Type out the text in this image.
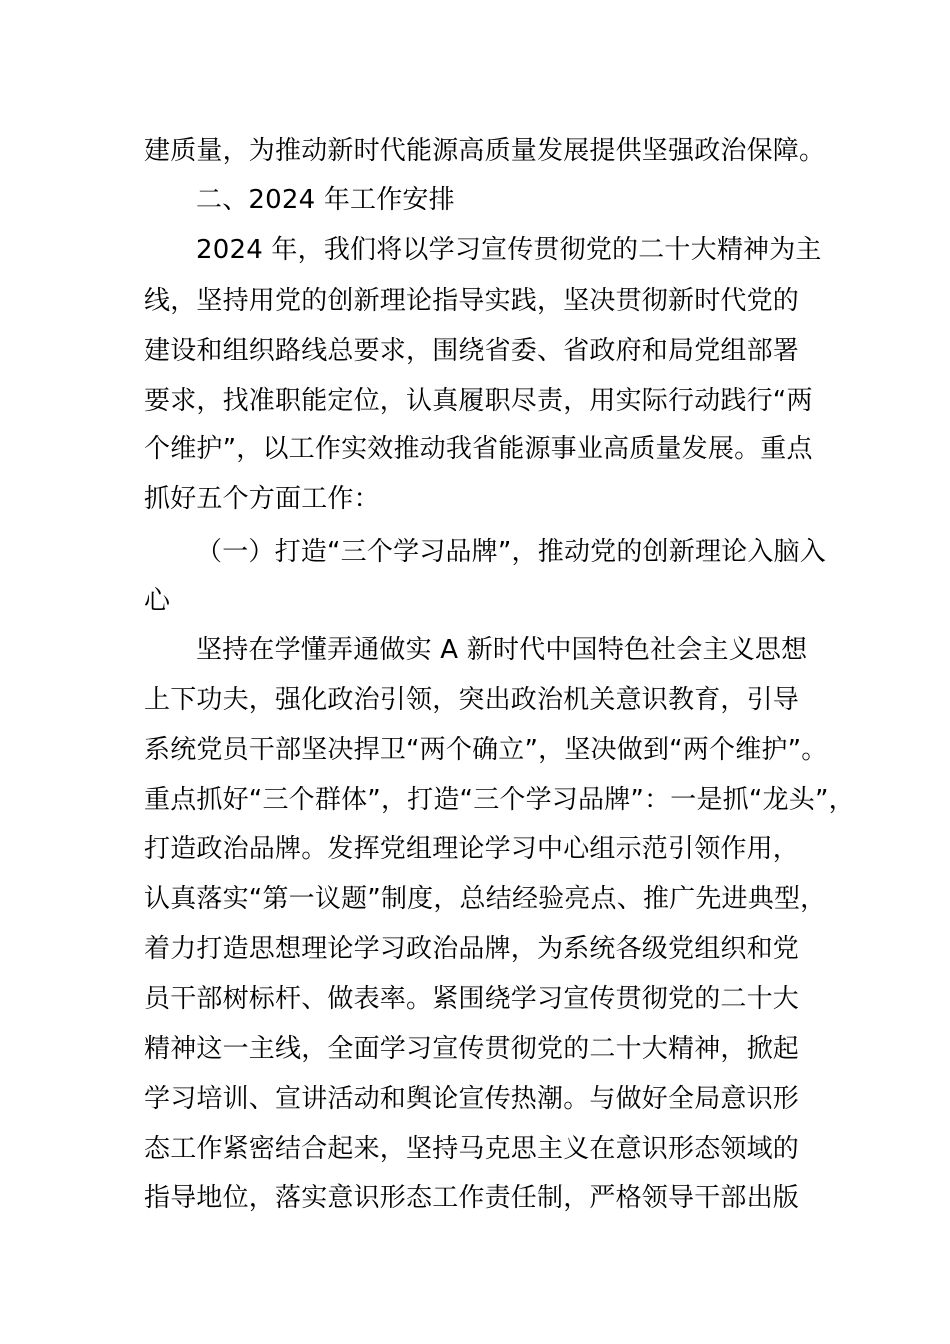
建质量，为推动新时代能源高质量发展提供坚强政治保障。
二、2024 年工作安排
2024 年，我们将以学习宣传贯彻党的二十大精神为主
线，坚持用党的创新理论指导实践，坚决贯彻新时代党的
建设和组织路线总要求，围绕省委、省政府和局党组部署
要求，找准职能定位，认真履职尽责，用实际行动践行“两
个维护”，以工作实效推动我省能源事业高质量发展。重点
抓好五个方面工作：
（一）打造“三个学习品牌”，推动党的创新理论入脑入
心
坚持在学懂弄通做实 A 新时代中国特色社会主义思想
上下功夫，强化政治引领，突出政治机关意识教育，引导
系统党员干部坚决捍卫“两个确立”，坚决做到“两个维护”。
重点抓好“三个群体”，打造“三个学习品牌”：一是抓“龙头”，
打造政治品牌。发挥党组理论学习中心组示范引领作用，
认真落实“第一议题”制度，总结经验亮点、推广先进典型，
着力打造思想理论学习政治品牌，为系统各级党组织和党
员干部树标杆、做表率。紧围绕学习宣传贯彻党的二十大
精神这一主线，全面学习宣传贯彻党的二十大精神，掀起
学习培训、宣讲活动和舆论宣传热潮。与做好全局意识形
态工作紧密结合起来，坚持马克思主义在意识形态领域的
指导地位，落实意识形态工作责任制，严格领导干部出版
